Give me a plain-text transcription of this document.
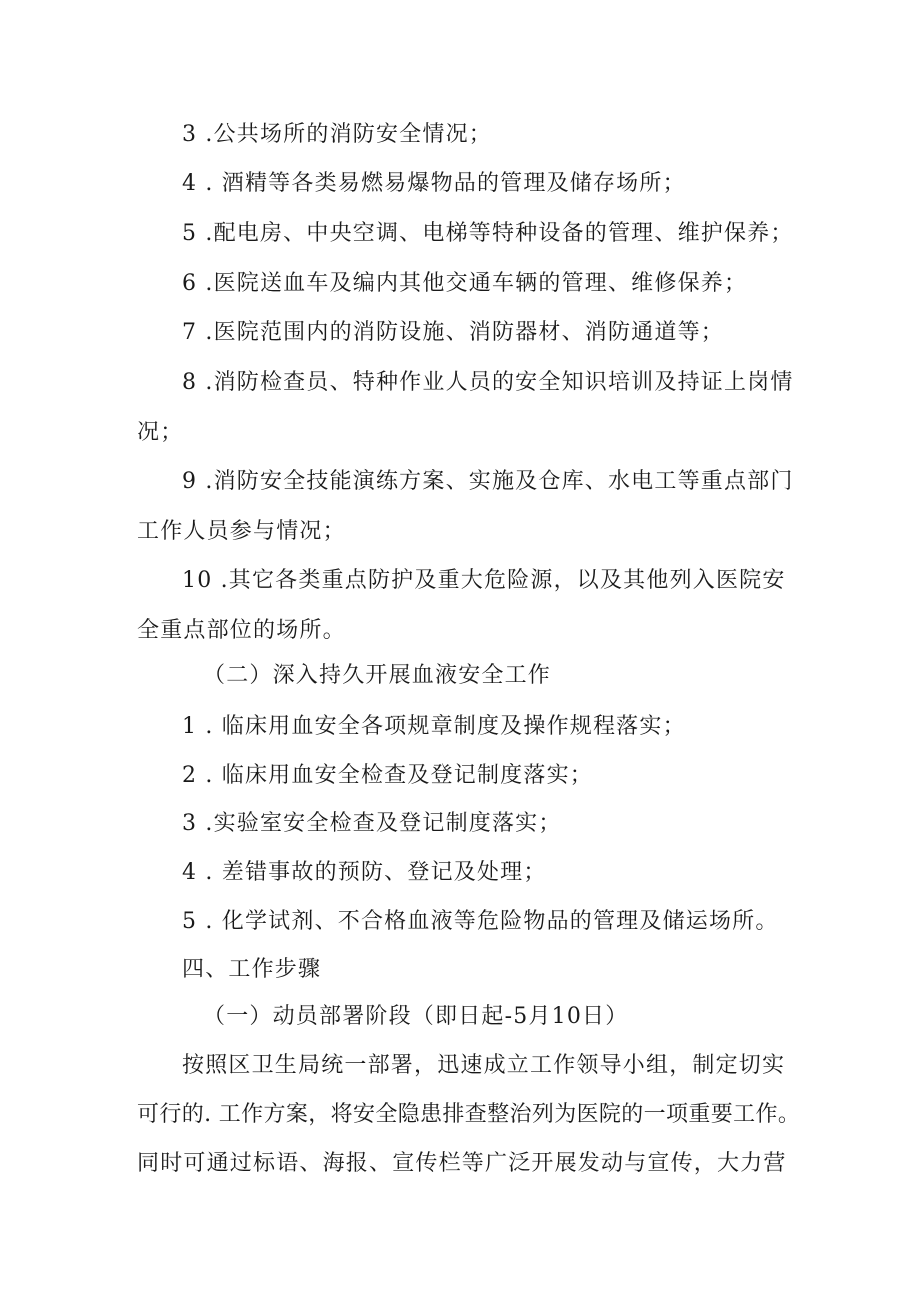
3 .公共场所的消防安全情况；
4 . 酒精等各类易燃易爆物品的管理及储存场所；
5 .配电房、中央空调、电梯等特种设备的管理、维护保养；
6 .医院送血车及编内其他交通车辆的管理、维修保养；
7 .医院范围内的消防设施、消防器材、消防通道等；
8 .消防检查员、特种作业人员的安全知识培训及持证上岗情
况；
9 .消防安全技能演练方案、实施及仓库、水电工等重点部门
工作人员参与情况；
10 .其它各类重点防护及重大危险源，以及其他列入医院安
全重点部位的场所。
（二）深入持久开展血液安全工作
1 . 临床用血安全各项规章制度及操作规程落实；
2 . 临床用血安全检查及登记制度落实；
3 .实验室安全检查及登记制度落实；
4 . 差错事故的预防、登记及处理；
5 . 化学试剂、不合格血液等危险物品的管理及储运场所。
四、工作步骤
（一）动员部署阶段（即日起-5月10日）
按照区卫生局统一部署，迅速成立工作领导小组，制定切实
可行的. 工作方案，将安全隐患排查整治列为医院的一项重要工作。
同时可通过标语、海报、宣传栏等广泛开展发动与宣传，大力营
